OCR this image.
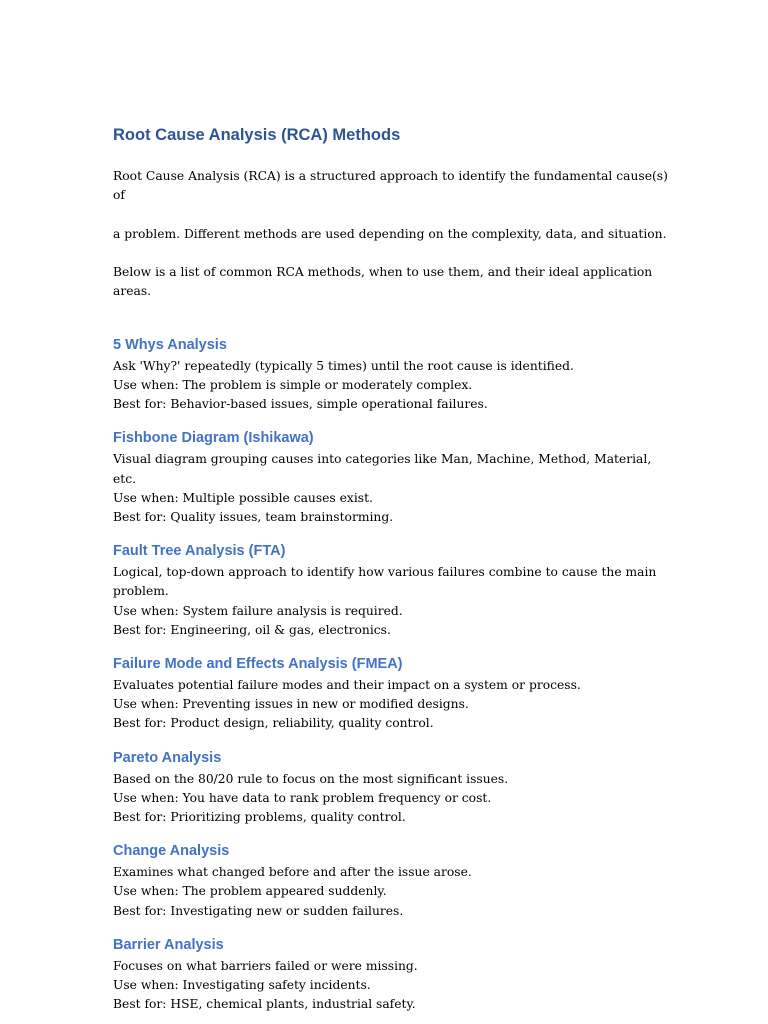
Root Cause Analysis (RCA) Methods

Root Cause Analysis (RCA) is a structured approach to identify the fundamental cause(s) of

a problem. Different methods are used depending on the complexity, data, and situation.

Below is a list of common RCA methods, when to use them, and their ideal application areas.

5 Whys Analysis

Ask 'Why?' repeatedly (typically 5 times) until the root cause is identified.

Use when: The problem is simple or moderately complex.

Best for: Behavior-based issues, simple operational failures.

Fishbone Diagram (Ishikawa)

Visual diagram grouping causes into categories like Man, Machine, Method, Material, etc.

Use when: Multiple possible causes exist.

Best for: Quality issues, team brainstorming.

Fault Tree Analysis (FTA)

Logical, top-down approach to identify how various failures combine to cause the main

problem.

Use when: System failure analysis is required.

Best for: Engineering, oil & gas, electronics.

Failure Mode and Effects Analysis (FMEA)

Evaluates potential failure modes and their impact on a system or process.

Use when: Preventing issues in new or modified designs.

Best for: Product design, reliability, quality control.

Pareto Analysis

Based on the 80/20 rule to focus on the most significant issues.

Use when: You have data to rank problem frequency or cost.

Best for: Prioritizing problems, quality control.

Change Analysis

Examines what changed before and after the issue arose.

Use when: The problem appeared suddenly.

Best for: Investigating new or sudden failures.

Barrier Analysis

Focuses on what barriers failed or were missing.

Use when: Investigating safety incidents.

Best for: HSE, chemical plants, industrial safety.
